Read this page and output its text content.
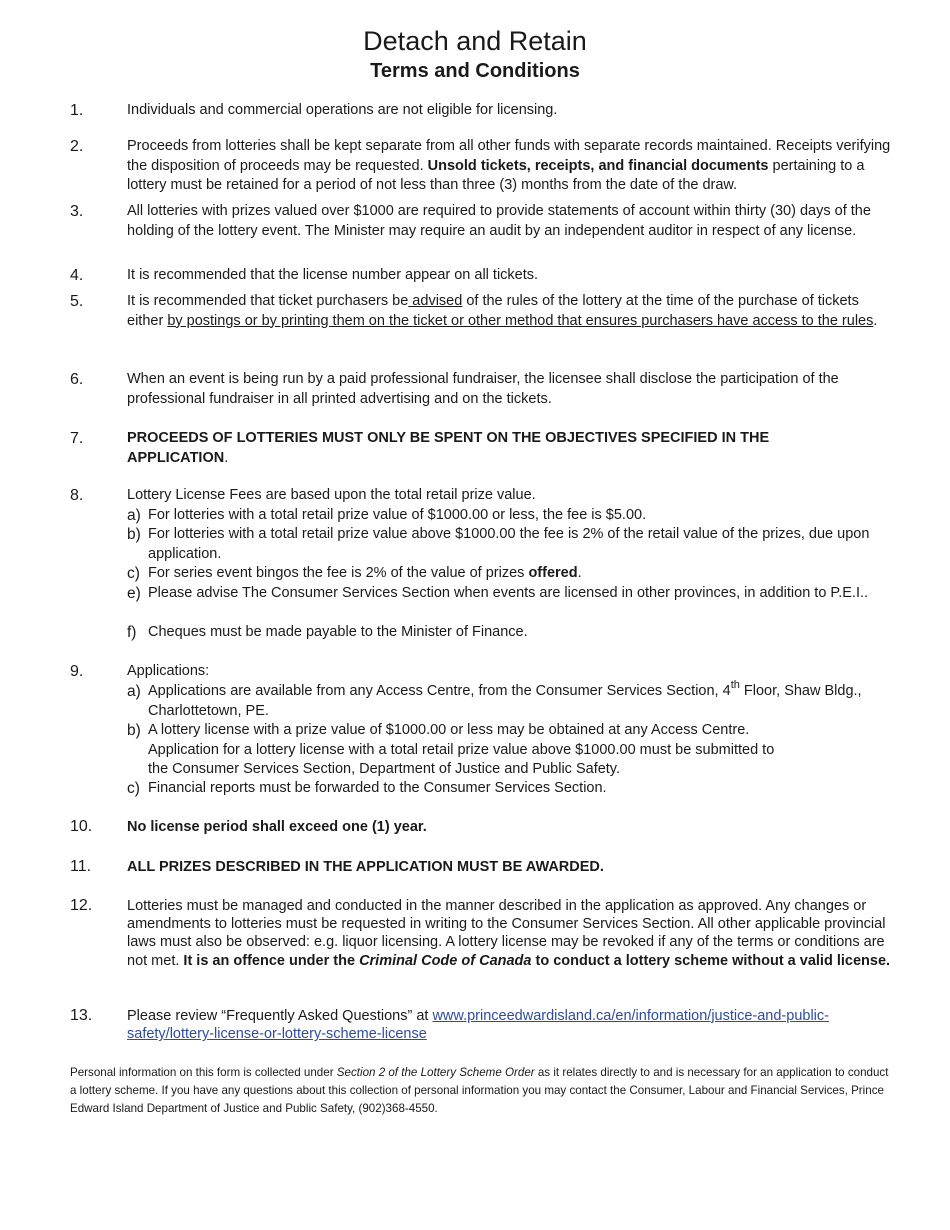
Detach and Retain
Terms and Conditions
1.	Individuals and commercial operations are not eligible for licensing.
2.	Proceeds from lotteries shall be kept separate from all other funds with separate records maintained. Receipts verifying the disposition of proceeds may be requested. Unsold tickets, receipts, and financial documents pertaining to a lottery must be retained for a period of not less than three (3) months from the date of the draw.
3.	All lotteries with prizes valued over $1000 are required to provide statements of account within thirty (30) days of the holding of the lottery event. The Minister may require an audit by an independent auditor in respect of any license.
4.	It is recommended that the license number appear on all tickets.
5.	It is recommended that ticket purchasers be advised of the rules of the lottery at the time of the purchase of tickets either by postings or by printing them on the ticket or other method that ensures purchasers have access to the rules.
6.	When an event is being run by a paid professional fundraiser, the licensee shall disclose the participation of the professional fundraiser in all printed advertising and on the tickets.
7.	PROCEEDS OF LOTTERIES MUST ONLY BE SPENT ON THE OBJECTIVES SPECIFIED IN THE APPLICATION.
8.	Lottery License Fees are based upon the total retail prize value.
a) For lotteries with a total retail prize value of $1000.00 or less, the fee is $5.00.
b) For lotteries with a total retail prize value above $1000.00 the fee is 2% of the retail value of the prizes, due upon application.
c) For series event bingos the fee is 2% of the value of prizes offered.
e) Please advise The Consumer Services Section when events are licensed in other provinces, in addition to P.E.I..
f) Cheques must be made payable to the Minister of Finance.
9.	Applications:
a) Applications are available from any Access Centre, from the Consumer Services Section, 4th Floor, Shaw Bldg., Charlottetown, PE.
b) A lottery license with a prize value of $1000.00 or less may be obtained at any Access Centre.
Application for a lottery license with a total retail prize value above $1000.00 must be submitted to
the Consumer Services Section, Department of Justice and Public Safety.
c) Financial reports must be forwarded to the Consumer Services Section.
10. No license period shall exceed one (1) year.
11. ALL PRIZES DESCRIBED IN THE APPLICATION MUST BE AWARDED.
12. Lotteries must be managed and conducted in the manner described in the application as approved. Any changes or amendments to lotteries must be requested in writing to the Consumer Services Section. All other applicable provincial laws must also be observed: e.g. liquor licensing. A lottery license may be revoked if any of the terms or conditions are not met. It is an offence under the Criminal Code of Canada to conduct a lottery scheme without a valid license.
13. Please review “Frequently Asked Questions” at www.princeedwardisland.ca/en/information/justice-and-public-safety/lottery-license-or-lottery-scheme-license
Personal information on this form is collected under Section 2 of the Lottery Scheme Order as it relates directly to and is necessary for an application to conduct a lottery scheme. If you have any questions about this collection of personal information you may contact the Consumer, Labour and Financial Services, Prince Edward Island Department of Justice and Public Safety, (902)368-4550.
